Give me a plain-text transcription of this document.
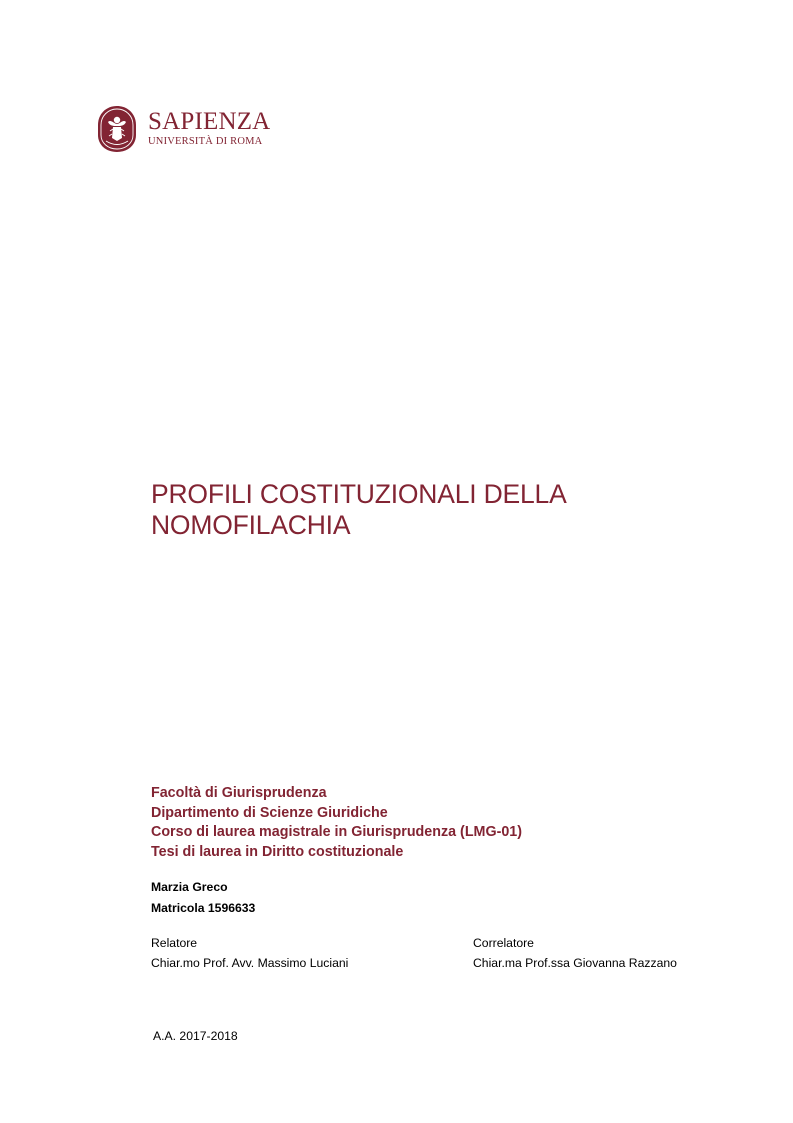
SAPIENZA
UNIVERSITÀ DI ROMA
PROFILI COSTITUZIONALI DELLA
NOMOFILACHIA
Facoltà di Giurisprudenza
Dipartimento di Scienze Giuridiche
Corso di laurea magistrale in Giurisprudenza (LMG-01)
Tesi di laurea in Diritto costituzionale
Marzia Greco
Matricola 1596633
Relatore
Chiar.mo Prof. Avv. Massimo Luciani
Correlatore
Chiar.ma Prof.ssa Giovanna Razzano
A.A. 2017-2018
